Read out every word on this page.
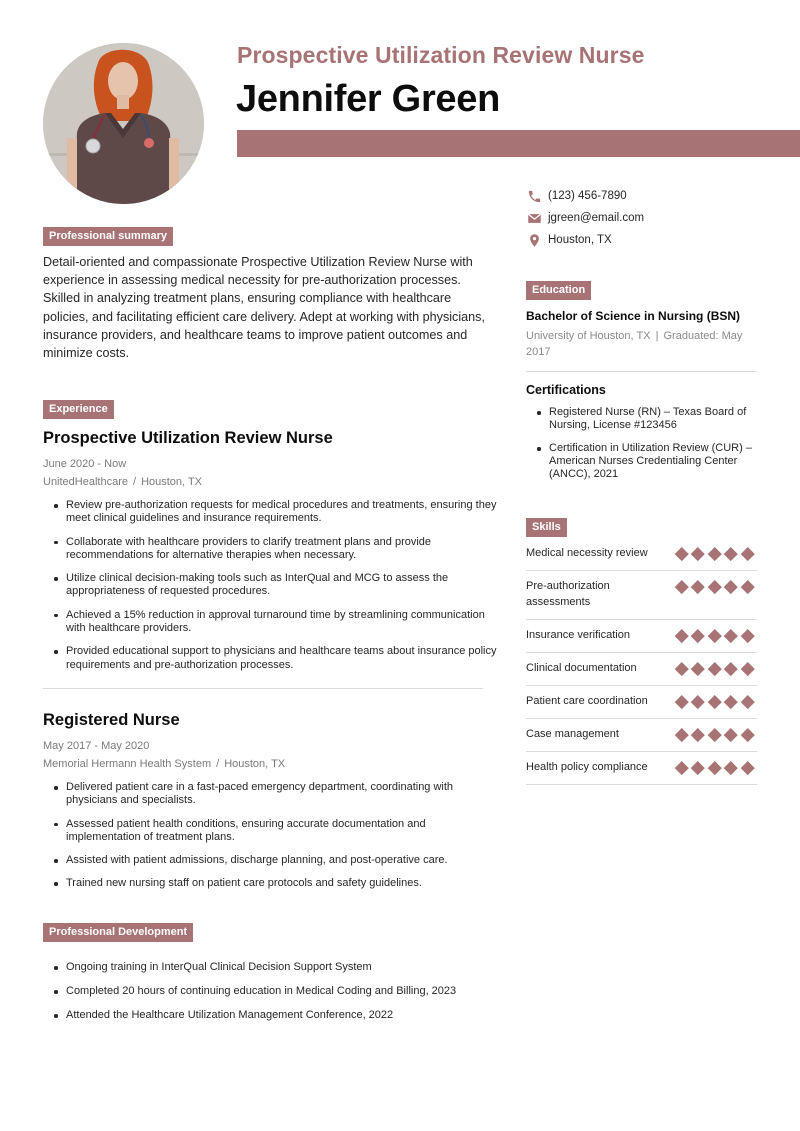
Prospective Utilization Review Nurse
Jennifer Green
(123) 456-7890
jgreen@email.com
Houston, TX
Professional summary
Detail-oriented and compassionate Prospective Utilization Review Nurse with experience in assessing medical necessity for pre-authorization processes. Skilled in analyzing treatment plans, ensuring compliance with healthcare policies, and facilitating efficient care delivery. Adept at working with physicians, insurance providers, and healthcare teams to improve patient outcomes and minimize costs.
Experience
Prospective Utilization Review Nurse
June 2020 - Now
UnitedHealthcare / Houston, TX
Review pre-authorization requests for medical procedures and treatments, ensuring they meet clinical guidelines and insurance requirements.
Collaborate with healthcare providers to clarify treatment plans and provide recommendations for alternative therapies when necessary.
Utilize clinical decision-making tools such as InterQual and MCG to assess the appropriateness of requested procedures.
Achieved a 15% reduction in approval turnaround time by streamlining communication with healthcare providers.
Provided educational support to physicians and healthcare teams about insurance policy requirements and pre-authorization processes.
Registered Nurse
May 2017 - May 2020
Memorial Hermann Health System / Houston, TX
Delivered patient care in a fast-paced emergency department, coordinating with physicians and specialists.
Assessed patient health conditions, ensuring accurate documentation and implementation of treatment plans.
Assisted with patient admissions, discharge planning, and post-operative care.
Trained new nursing staff on patient care protocols and safety guidelines.
Professional Development
Ongoing training in InterQual Clinical Decision Support System
Completed 20 hours of continuing education in Medical Coding and Billing, 2023
Attended the Healthcare Utilization Management Conference, 2022
Education
Bachelor of Science in Nursing (BSN)
University of Houston, TX | Graduated: May 2017
Certifications
Registered Nurse (RN) – Texas Board of Nursing, License #123456
Certification in Utilization Review (CUR) – American Nurses Credentialing Center (ANCC), 2021
Skills
Medical necessity review
Pre-authorization assessments
Insurance verification
Clinical documentation
Patient care coordination
Case management
Health policy compliance
